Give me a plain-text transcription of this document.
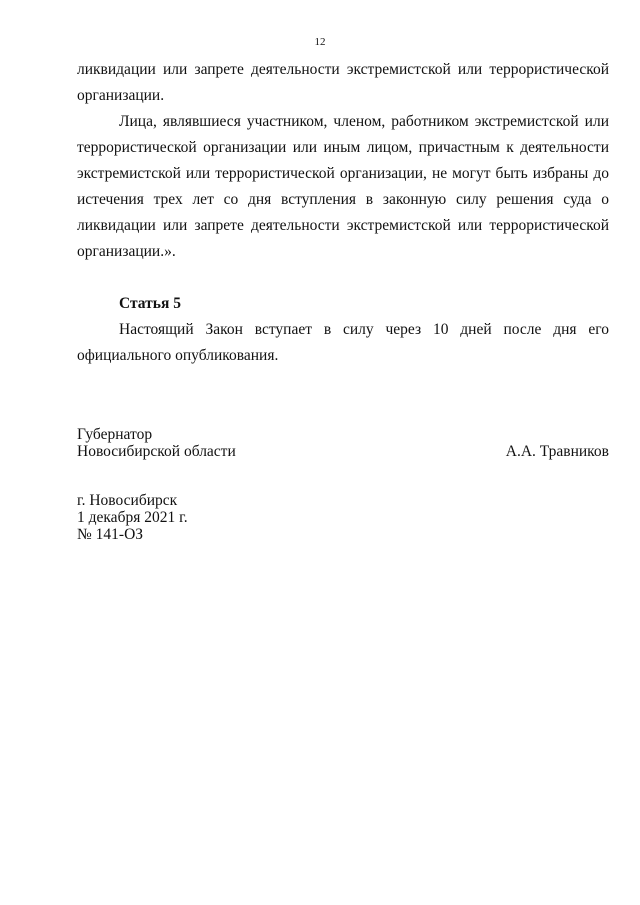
12
ликвидации или запрете деятельности экстремистской или террористической организации.
Лица, являвшиеся участником, членом, работником экстремистской или террористической организации или иным лицом, причастным к деятельности экстремистской или террористической организации, не могут быть избраны до истечения трех лет со дня вступления в законную силу решения суда о ликвидации или запрете деятельности экстремистской или террористической организации.».
Статья 5
Настоящий Закон вступает в силу через 10 дней после дня его официального опубликования.
Губернатор
Новосибирской области	А.А. Травников
г. Новосибирск
1 декабря 2021 г.
№ 141-ОЗ
